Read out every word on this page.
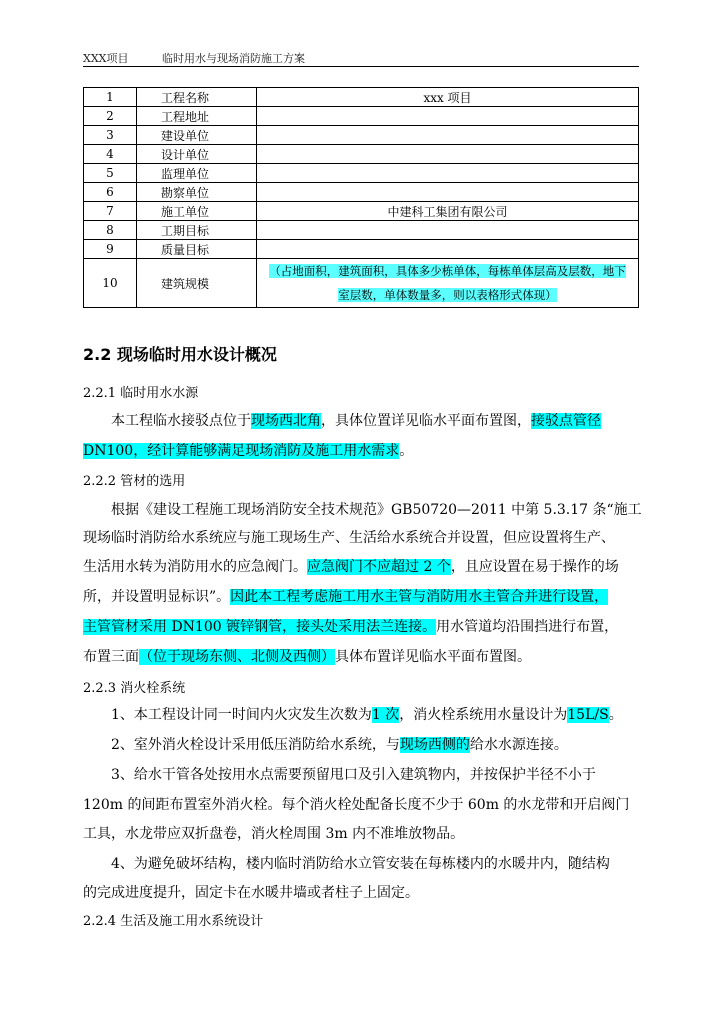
XXX项目	临时用水与现场消防施工方案
1	工程名称	xxx 项目
2	工程地址	
3	建设单位	
4	设计单位	
5	监理单位	
6	勘察单位	
7	施工单位	中建科工集团有限公司
8	工期目标	
9	质量目标	
10	建筑规模	（占地面积，建筑面积，具体多少栋单体，每栋单体层高及层数，地下
室层数，单体数量多，则以表格形式体现）
2.2 现场临时用水设计概况
2.2.1 临时用水水源
本工程临水接驳点位于现场西北角，具体位置详见临水平面布置图，接驳点管径
DN100，经计算能够满足现场消防及施工用水需求。
2.2.2 管材的选用
根据《建设工程施工现场消防安全技术规范》GB50720—2011 中第 5.3.17 条“施工
现场临时消防给水系统应与施工现场生产、生活给水系统合并设置，但应设置将生产、
生活用水转为消防用水的应急阀门。应急阀门不应超过 2 个，且应设置在易于操作的场
所，并设置明显标识”。因此本工程考虑施工用水主管与消防用水主管合并进行设置，
主管管材采用 DN100 镀锌钢管，接头处采用法兰连接。用水管道均沿围挡进行布置，
布置三面（位于现场东侧、北侧及西侧）具体布置详见临水平面布置图。
2.2.3 消火栓系统
1、本工程设计同一时间内火灾发生次数为1 次，消火栓系统用水量设计为15L/S。
2、室外消火栓设计采用低压消防给水系统，与现场西侧的给水水源连接。
3、给水干管各处按用水点需要预留甩口及引入建筑物内，并按保护半径不小于
120m 的间距布置室外消火栓。每个消火栓处配备长度不少于 60m 的水龙带和开启阀门
工具，水龙带应双折盘卷，消火栓周围 3m 内不准堆放物品。
4、为避免破坏结构，楼内临时消防给水立管安装在每栋楼内的水暖井内，随结构
的完成进度提升，固定卡在水暖井墙或者柱子上固定。
2.2.4 生活及施工用水系统设计
